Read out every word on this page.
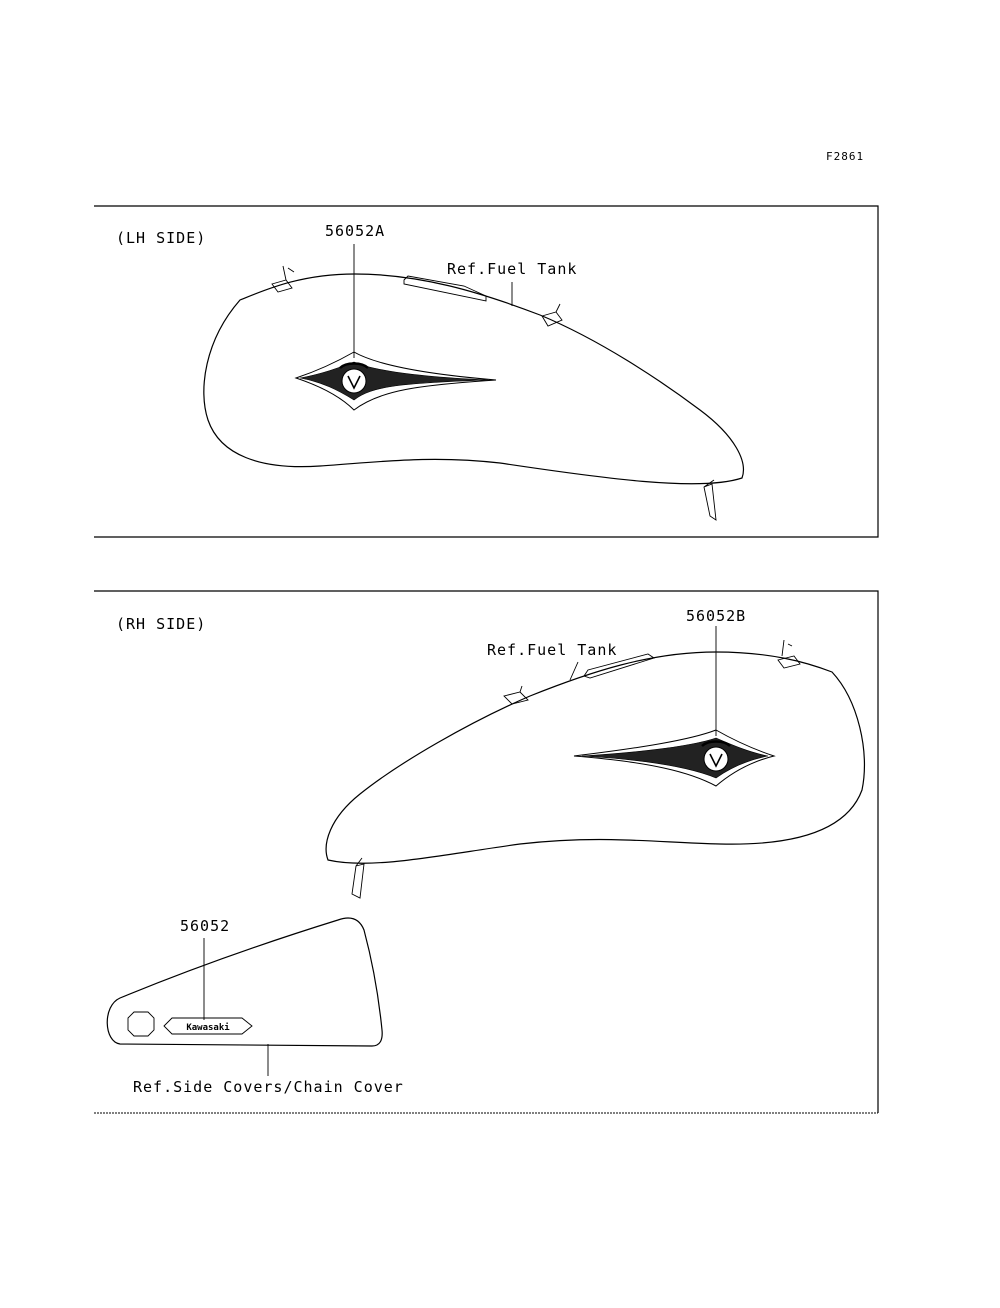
F2861
(LH SIDE)	56052A
Ref.Fuel Tank
(RH SIDE)	56052B
Ref.Fuel Tank
Kawasaki
56052
Ref.Side Covers/Chain Cover
